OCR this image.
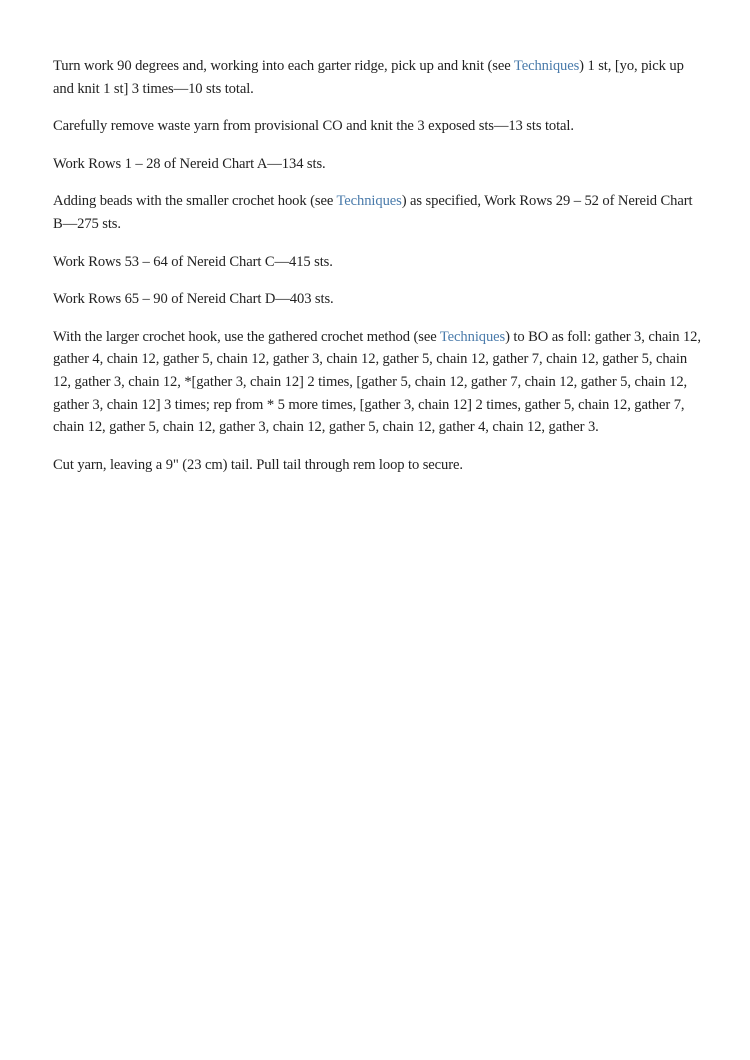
Turn work 90 degrees and, working into each garter ridge, pick up and knit (see Techniques) 1 st, [yo, pick up and knit 1 st] 3 times—10 sts total.

Carefully remove waste yarn from provisional CO and knit the 3 exposed sts—13 sts total.

Work Rows 1 – 28 of Nereid Chart A—134 sts.

Adding beads with the smaller crochet hook (see Techniques) as specified, Work Rows 29 – 52 of Nereid Chart B—275 sts.

Work Rows 53 – 64 of Nereid Chart C—415 sts.

Work Rows 65 – 90 of Nereid Chart D—403 sts.

With the larger crochet hook, use the gathered crochet method (see Techniques) to BO as foll: gather 3, chain 12, gather 4, chain 12, gather 5, chain 12, gather 3, chain 12, gather 5, chain 12, gather 7, chain 12, gather 5, chain 12, gather 3, chain 12, *[gather 3, chain 12] 2 times, [gather 5, chain 12, gather 7, chain 12, gather 5, chain 12, gather 3, chain 12] 3 times; rep from * 5 more times, [gather 3, chain 12] 2 times, gather 5, chain 12, gather 7, chain 12, gather 5, chain 12, gather 3, chain 12, gather 5, chain 12, gather 4, chain 12, gather 3.

Cut yarn, leaving a 9" (23 cm) tail. Pull tail through rem loop to secure.
